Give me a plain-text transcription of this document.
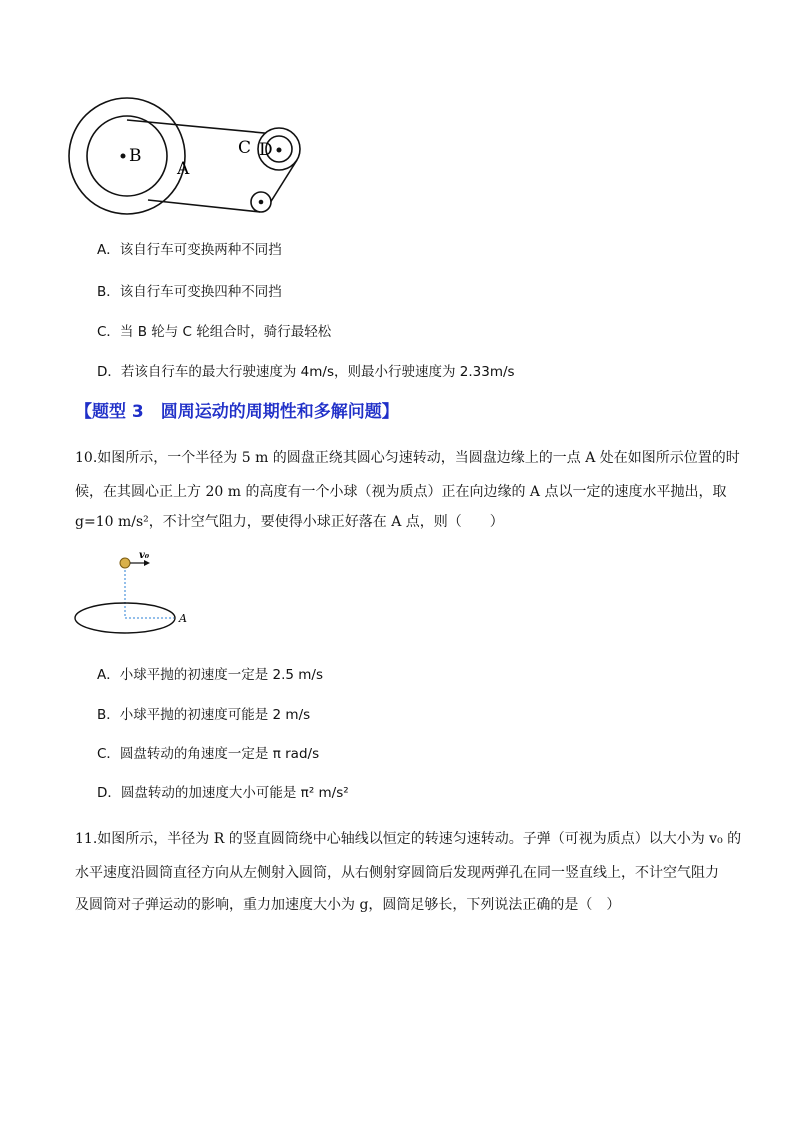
B
A
C D
A．该自行车可变换两种不同挡
B．该自行车可变换四种不同挡
C．当 B 轮与 C 轮组合时，骑行最轻松
D．若该自行车的最大行驶速度为 4m/s，则最小行驶速度为 2.33m/s
【题型 3　圆周运动的周期性和多解问题】
10.如图所示，一个半径为 5 m 的圆盘正绕其圆心匀速转动，当圆盘边缘上的一点 A 处在如图所示位置的时
候，在其圆心正上方 20 m 的高度有一个小球（视为质点）正在向边缘的 A 点以一定的速度水平抛出，取
g=10 m/s²，不计空气阻力，要使得小球正好落在 A 点，则（　　）
v₀
A
A．小球平抛的初速度一定是 2.5 m/s
B．小球平抛的初速度可能是 2 m/s
C．圆盘转动的角速度一定是 π rad/s
D．圆盘转动的加速度大小可能是 π² m/s²
11.如图所示，半径为 R 的竖直圆筒绕中心轴线以恒定的转速匀速转动。子弹（可视为质点）以大小为 v₀ 的
水平速度沿圆筒直径方向从左侧射入圆筒，从右侧射穿圆筒后发现两弹孔在同一竖直线上，不计空气阻力
及圆筒对子弹运动的影响，重力加速度大小为 g，圆筒足够长，下列说法正确的是（　）
